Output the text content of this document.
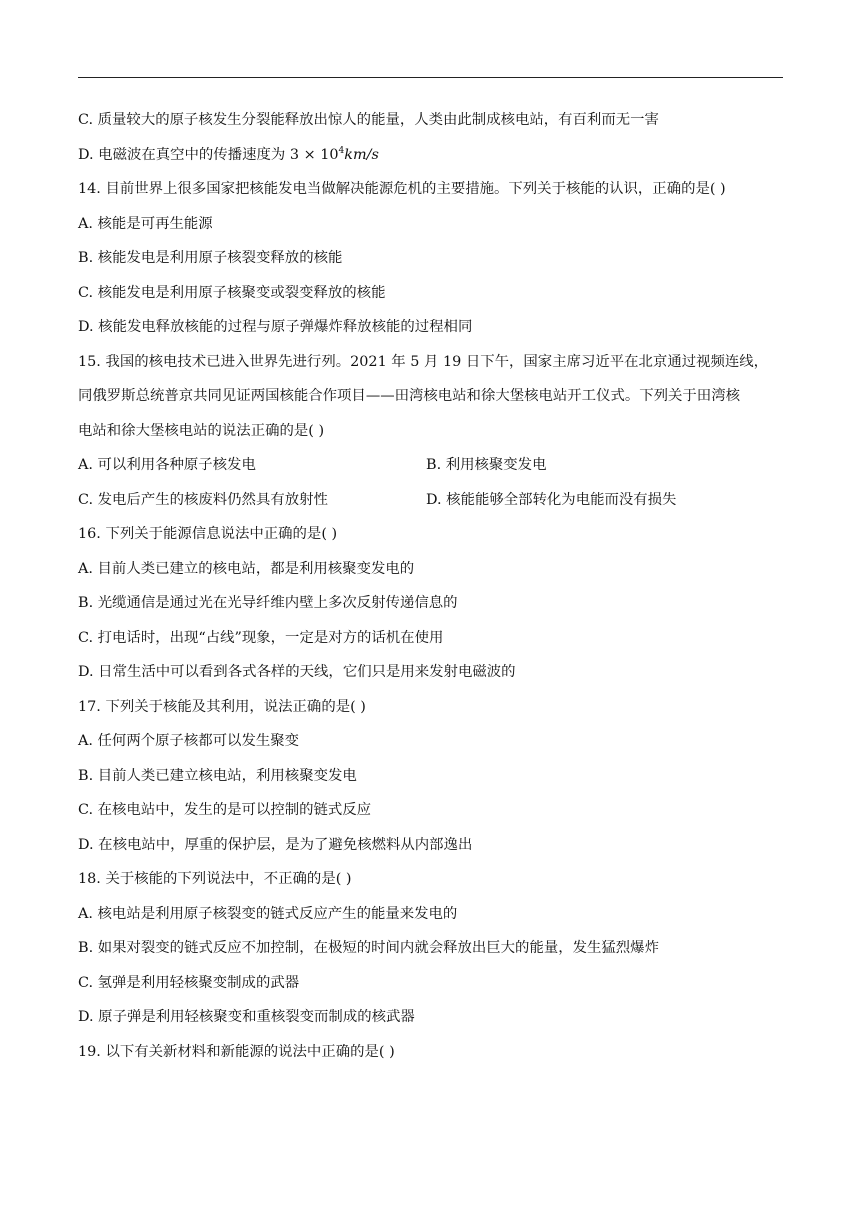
C. 质量较大的原子核发生分裂能释放出惊人的能量，人类由此制成核电站，有百利而无一害
D. 电磁波在真空中的传播速度为 $3 \times 10^4km/s$
14. 目前世界上很多国家把核能发电当做解决能源危机的主要措施。下列关于核能的认识，正确的是( )
A. 核能是可再生能源
B. 核能发电是利用原子核裂变释放的核能
C. 核能发电是利用原子核聚变或裂变释放的核能
D. 核能发电释放核能的过程与原子弹爆炸释放核能的过程相同
15. 我国的核电技术已进入世界先进行列。2021 年 5 月 19 日下午，国家主席习近平在北京通过视频连线，
同俄罗斯总统普京共同见证两国核能合作项目——田湾核电站和徐大堡核电站开工仪式。下列关于田湾核
电站和徐大堡核电站的说法正确的是( )
A. 可以利用各种原子核发电	B. 利用核聚变发电
C. 发电后产生的核废料仍然具有放射性	D. 核能能够全部转化为电能而没有损失
16. 下列关于能源信息说法中正确的是( )
A. 目前人类已建立的核电站，都是利用核聚变发电的
B. 光缆通信是通过光在光导纤维内壁上多次反射传递信息的
C. 打电话时，出现“占线”现象，一定是对方的话机在使用
D. 日常生活中可以看到各式各样的天线，它们只是用来发射电磁波的
17. 下列关于核能及其利用，说法正确的是( )
A. 任何两个原子核都可以发生聚变
B. 目前人类已建立核电站，利用核聚变发电
C. 在核电站中，发生的是可以控制的链式反应
D. 在核电站中，厚重的保护层，是为了避免核燃料从内部逸出
18. 关于核能的下列说法中，不正确的是( )
A. 核电站是利用原子核裂变的链式反应产生的能量来发电的
B. 如果对裂变的链式反应不加控制，在极短的时间内就会释放出巨大的能量，发生猛烈爆炸
C. 氢弹是利用轻核聚变制成的武器
D. 原子弹是利用轻核聚变和重核裂变而制成的核武器
19. 以下有关新材料和新能源的说法中正确的是( )
